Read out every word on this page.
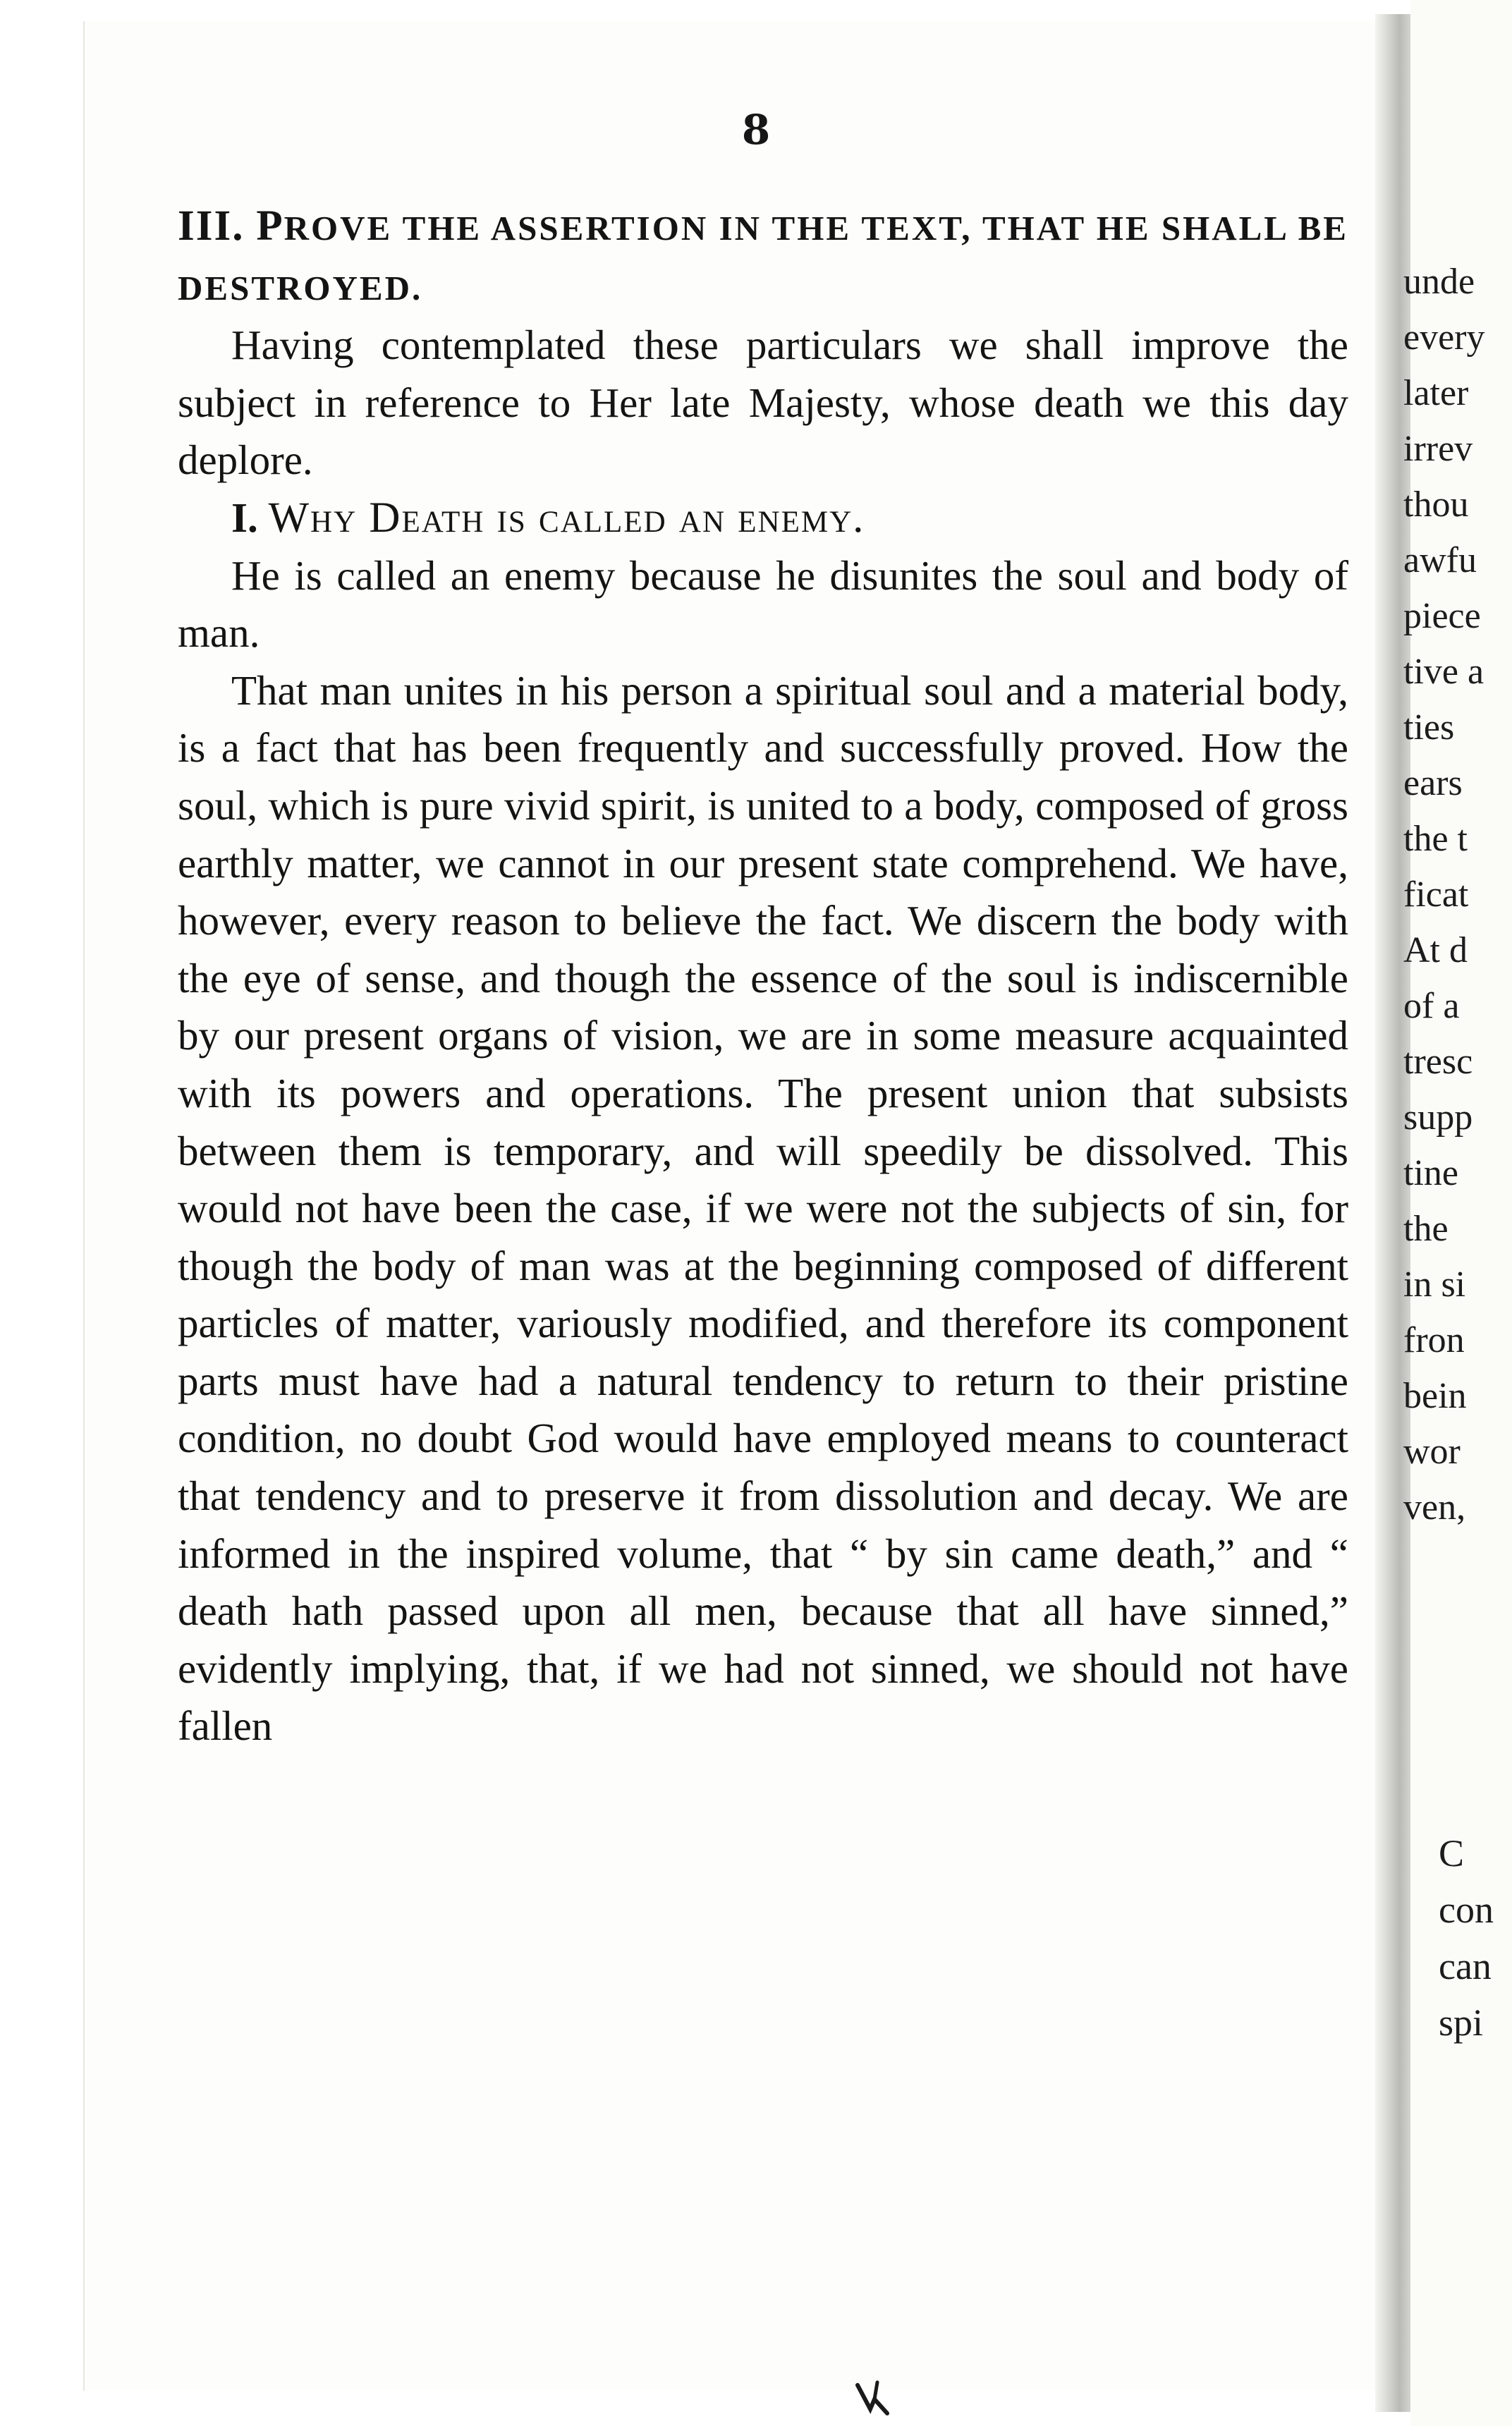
8

III. PROVE THE ASSERTION IN THE TEXT, THAT HE SHALL BE DESTROYED.

Having contemplated these particulars we shall improve the subject in reference to Her late Majesty, whose death we this day deplore.

I. Why Death is called an enemy.

He is called an enemy because he disunites the soul and body of man.

That man unites in his person a spiritual soul and a material body, is a fact that has been frequently and successfully proved. How the soul, which is pure vivid spirit, is united to a body, composed of gross earthly matter, we cannot in our present state comprehend. We have, however, every reason to believe the fact. We discern the body with the eye of sense, and though the essence of the soul is indiscernible by our present organs of vision, we are in some measure acquainted with its powers and operations. The present union that subsists between them is temporary, and will speedily be dissolved. This would not have been the case, if we were not the subjects of sin, for though the body of man was at the beginning composed of different particles of matter, variously modified, and therefore its component parts must have had a natural tendency to return to their pristine condition, no doubt God would have employed means to counteract that tendency and to preserve it from dissolution and decay. We are informed in the inspired volume, that “ by sin came death,” and “ death hath passed upon all men, because that all have sinned,” evidently implying, that, if we had not sinned, we should not have fallen

unde
every
later
irrev
thou
awfu
piece
tive a
ties
ears
the t
ficat
At d
of a
tresc
supp
tine
the
in si
fron
bein
wor
ven,
C
con
can
spi
